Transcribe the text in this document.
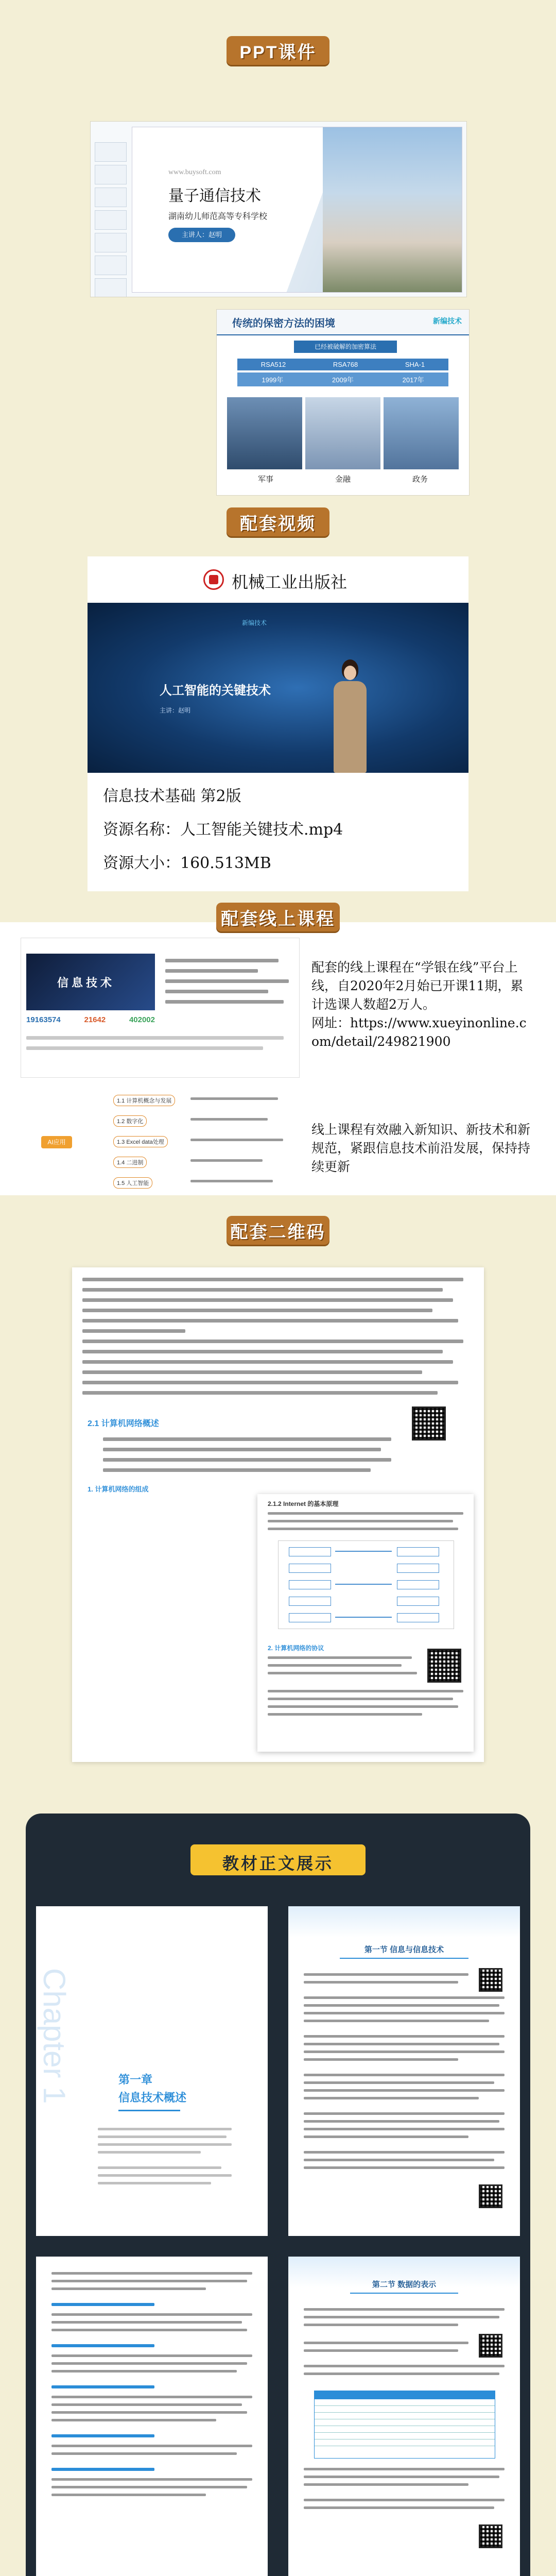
PPT课件
www.buysoft.com
量子通信技术
湖南幼儿师范高等专科学校
主讲人：赵明
传统的保密方法的困境	新编技术
已经被破解的加密算法
RSA512	RSA768	SHA-1
1999年	2009年	2017年
军事	金融	政务
配套视频
机械工业出版社
新编技术
人工智能的关键技术
主讲：赵明
信息技术基础 第2版
资源名称：人工智能关键技术.mp4
资源大小：160.513MB
配套线上课程
信息技术
19163574	21642	402002
配套的线上课程在“学银在线”平台上线，自2020年2月始已开课11期，累计选课人数超2万人。
网址：https://www.xueyinonline.com/detail/249821900
AI应用
1.1 计算机概念与发展
1.2 数字化
1.3 Excel data处理
1.4 二进制
1.5 人工智能
线上课程有效融入新知识、新技术和新规范，紧跟信息技术前沿发展，保持持续更新
配套二维码
2.1 计算机网络概述
1. 计算机网络的组成
2.1.2 Internet 的基本原理
2. 计算机网络的协议
教材正文展示
Chapter 1	第一章
信息技术概述
第一节 信息与信息技术
第二节 数据的表示
